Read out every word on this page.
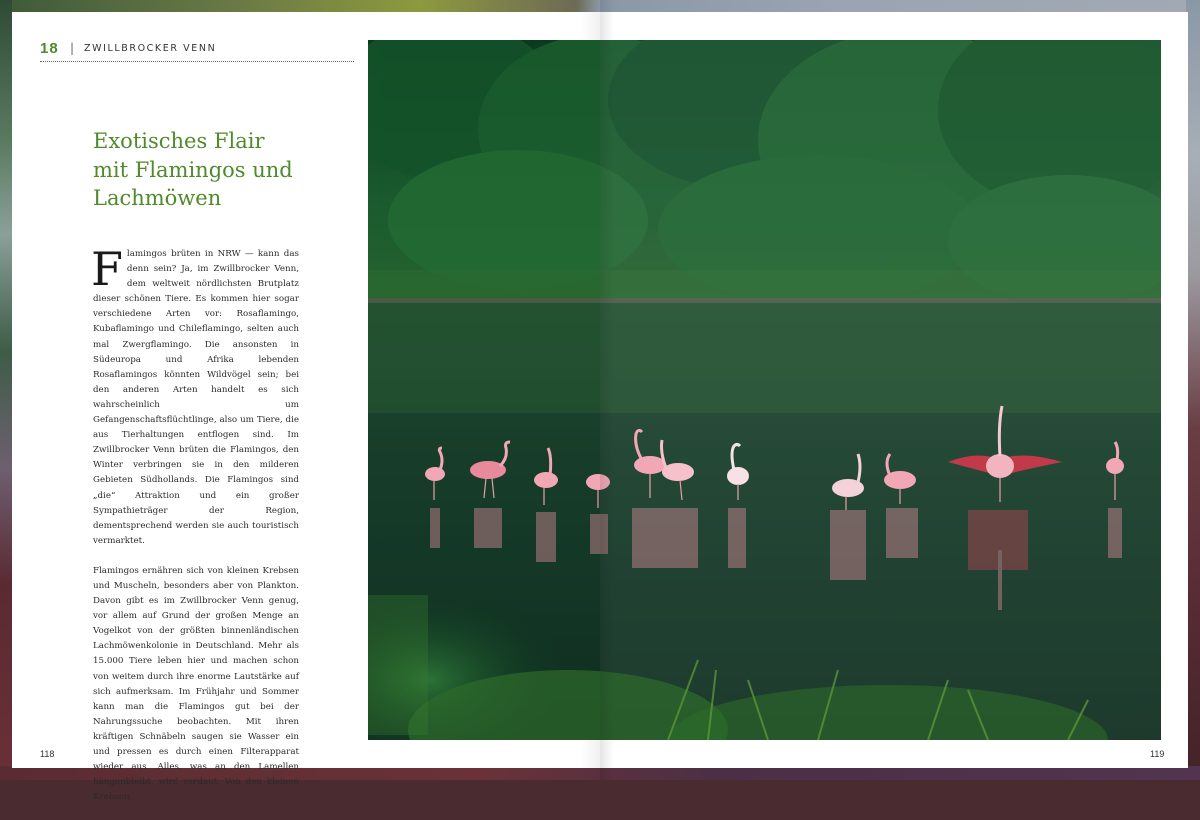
18 | ZWILLBROCKER VENN
Exotisches Flair
mit Flamingos und
Lachmöwen

Flamingos brüten in NRW — kann das denn sein? Ja, im Zwillbrocker Venn, dem weltweit nördlichsten Brutplatz dieser schönen Tiere. Es kommen hier sogar verschiedene Arten vor: Rosaflamingo, Kubaflamingo und Chileflamingo, selten auch mal Zwergflamingo. Die ansonsten in Südeuropa und Afrika lebenden Rosaflamingos könnten Wildvögel sein; bei den anderen Arten handelt es sich wahrscheinlich um Gefangenschaftsflüchtlinge, also um Tiere, die aus Tierhaltungen entflogen sind. Im Zwillbrocker Venn brüten die Flamingos, den Winter verbringen sie in den milderen Gebieten Südhollands. Die Flamingos sind „die“ Attraktion und ein großer Sympathieträger der Region, dementsprechend werden sie auch touristisch vermarktet.

Flamingos ernähren sich von kleinen Krebsen und Muscheln, besonders aber von Plankton. Davon gibt es im Zwillbrocker Venn genug, vor allem auf Grund der großen Menge an Vogelkot von der größten binnenländischen Lachmöwenkolonie in Deutschland. Mehr als 15.000 Tiere leben hier und machen schon von weitem durch ihre enorme Lautstärke auf sich aufmerksam. Im Frühjahr und Sommer kann man die Flamingos gut bei der Nahrungssuche beobachten. Mit ihren kräftigen Schnäbeln saugen sie Wasser ein und pressen es durch einen Filterapparat wieder aus. Alles, was an den Lamellen hängenbleibt, wird verdaut. Von den kleinen Krebsen

118	119
